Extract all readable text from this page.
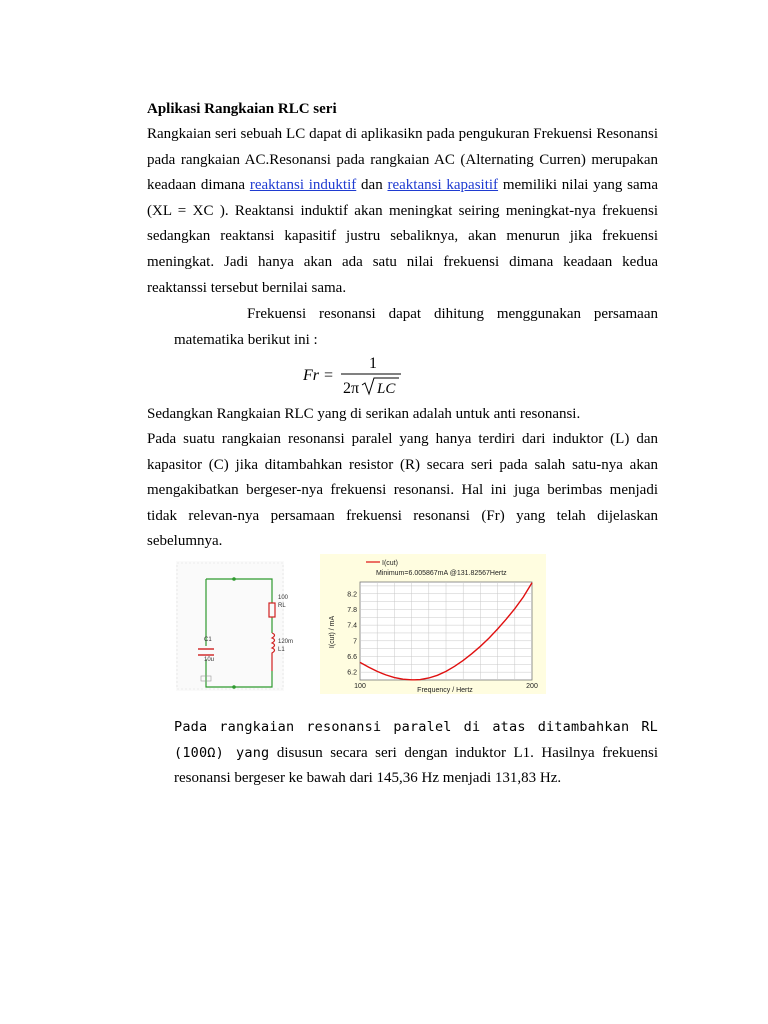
Aplikasi Rangkaian RLC seri

Rangkaian seri sebuah LC dapat di aplikasikn pada pengukuran Frekuensi Resonansi pada rangkaian AC.Resonansi pada rangkaian AC (Alternating Curren) merupakan keadaan dimana reaktansi induktif dan reaktansi kapasitif memiliki nilai yang sama (XL = XC ). Reaktansi induktif akan meningkat seiring meningkat-nya frekuensi sedangkan reaktansi kapasitif justru sebaliknya, akan menurun jika frekuensi meningkat. Jadi hanya akan ada satu nilai frekuensi dimana keadaan kedua reaktanssi tersebut bernilai sama.

Frekuensi resonansi dapat dihitung menggunakan persamaan matematika berikut ini :

Fr =
1
2π LC

Sedangkan Rangkaian RLC yang di serikan adalah untuk anti resonansi.

Pada suatu rangkaian resonansi paralel yang hanya terdiri dari induktor (L) dan kapasitor (C) jika ditambahkan resistor (R) secara seri pada salah satu-nya akan mengakibatkan bergeser-nya frekuensi resonansi. Hal ini juga berimbas menjadi tidak relevan-nya persamaan frekuensi resonansi (Fr) yang telah dijelaskan sebelumnya.

100
RL
120m
L1
C1
10u
I(cut)
Minimum=6.005867mA @131.82567Hertz
6.2
6.6
7
7.4
7.8
8.2
100	200
I(cut) / mA
Frequency / Hertz

Pada rangkaian resonansi paralel di atas ditambahkan RL (100Ω) yang disusun secara seri dengan induktor L1. Hasilnya frekuensi resonansi bergeser ke bawah dari 145,36 Hz menjadi 131,83 Hz.
